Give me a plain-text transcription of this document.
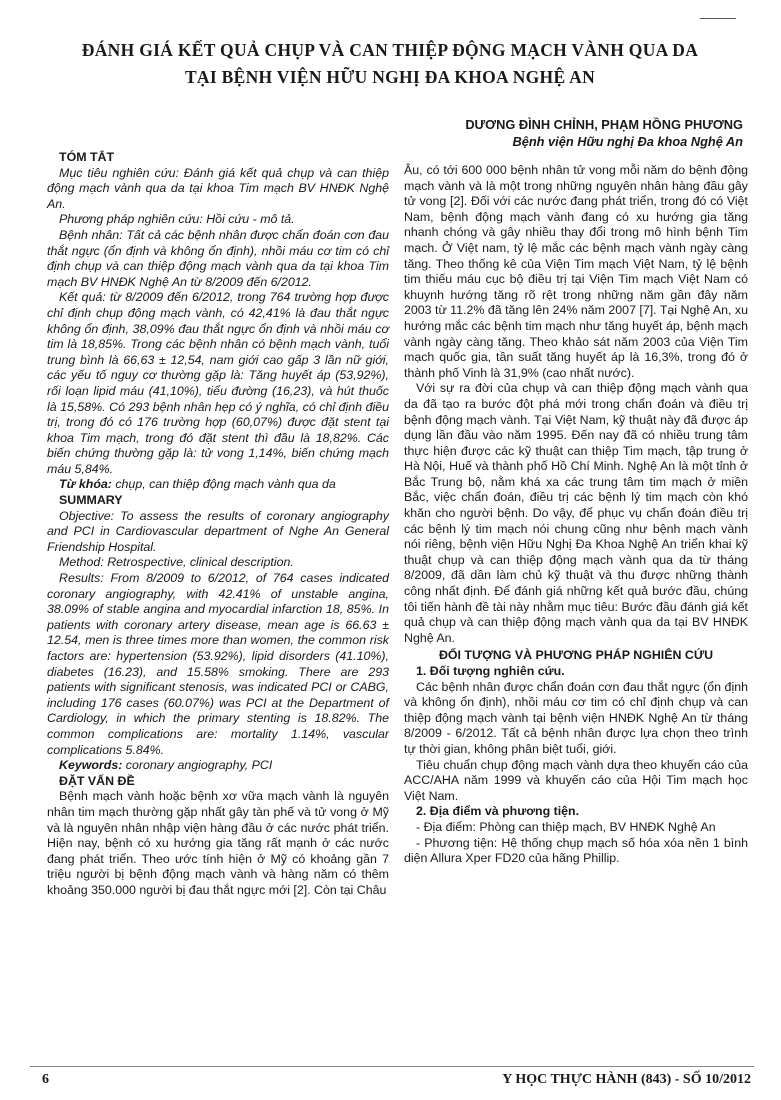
ĐÁNH GIÁ KẾT QUẢ CHỤP VÀ CAN THIỆP ĐỘNG MẠCH VÀNH QUA DA
TẠI BỆNH VIỆN HỮU NGHỊ ĐA KHOA NGHỆ AN
DƯƠNG ĐÌNH CHỈNH, PHẠM HỒNG PHƯƠNG
Bệnh viện Hữu nghị Đa khoa Nghệ An

TÓM TẮT

Mục tiêu nghiên cứu: Đánh giá kết quả chụp và can thiệp động mạch vành qua da tại khoa Tim mạch BV HNĐK Nghệ An.

Phương pháp nghiên cứu: Hồi cứu - mô tả.

Bệnh nhân: Tất cả các bệnh nhân được chẩn đoán cơn đau thắt ngực (ổn định và không ổn định), nhồi máu cơ tim có chỉ định chụp và can thiệp động mạch vành qua da tại khoa Tim mạch BV HNĐK Nghệ An từ 8/2009 đến 6/2012.

Kết quả: từ 8/2009 đến 6/2012, trong 764 trường hợp được chỉ định chụp động mạch vành, có 42,41% là đau thắt ngực không ổn định, 38,09% đau thắt ngực ổn định và nhồi máu cơ tim là 18,85%. Trong các bệnh nhân có bệnh mạch vành, tuổi trung bình là 66,63 ± 12,54, nam giới cao gấp 3 lần nữ giới, các yếu tố nguy cơ thường gặp là: Tăng huyết áp (53,92%), rối loạn lipid máu (41,10%), tiểu đường (16,23), và hút thuốc là 15,58%. Có 293 bệnh nhân hẹp có ý nghĩa, có chỉ định điều trị, trong đó có 176 trường hợp (60,07%) được đặt stent tại khoa Tim mạch, trong đó đặt stent thì đầu là 18,82%. Các biến chứng thường gặp là: tử vong 1,14%, biến chứng mạch máu 5,84%.

Từ khóa: chụp, can thiệp động mạch vành qua da

SUMMARY

Objective: To assess the results of coronary angiography and PCI in Cardiovascular department of Nghe An General Friendship Hospital.

Method: Retrospective, clinical description.

Results: From 8/2009 to 6/2012, of 764 cases indicated coronary angiography, with 42.41% of unstable angina, 38.09% of stable angina and myocardial infarction 18, 85%. In patients with coronary artery disease, mean age is 66.63 ± 12.54, men is three times more than women, the common risk factors are: hypertension (53.92%), lipid disorders (41.10%), diabetes (16.23), and 15.58% smoking. There are 293 patients with significant stenosis, was indicated PCI or CABG, including 176 cases (60.07%) was PCI at the Department of Cardiology, in which the primary stenting is 18.82%. The common complications are: mortality 1.14%, vascular complications 5.84%.

Keywords: coronary angiography, PCI

ĐẶT VẤN ĐỀ

Bệnh mạch vành hoặc bệnh xơ vữa mạch vành là nguyên nhân tim mạch thường gặp nhất gây tàn phế và tử vong ở Mỹ và là nguyên nhân nhập viện hàng đầu ở các nước phát triển. Hiện nay, bệnh có xu hướng gia tăng rất mạnh ở các nước đang phát triển. Theo ước tính hiện ở Mỹ có khoảng gần 7 triệu người bị bệnh động mạch vành và hàng năm có thêm khoảng 350.000 người bị đau thắt ngực mới [2]. Còn tại Châu

Âu, có tới 600 000 bệnh nhân tử vong mỗi năm do bệnh động mạch vành và là một trong những nguyên nhân hàng đầu gây tử vong [2]. Đối với các nước đang phát triển, trong đó có Việt Nam, bệnh động mạch vành đang có xu hướng gia tăng nhanh chóng và gây nhiều thay đổi trong mô hình bệnh Tim mạch. Ở Việt nam, tỷ lệ mắc các bệnh mạch vành ngày càng tăng. Theo thống kê của Viện Tim mạch Việt Nam, tỷ lệ bệnh tim thiếu máu cục bộ điều trị tại Viện Tim mạch Việt Nam có khuynh hướng tăng rõ rệt trong những năm gần đây năm 2003 từ 11.2% đã tăng lên 24% năm 2007 [7]. Tại Nghệ An, xu hướng mắc các bệnh tim mạch như tăng huyết áp, bệnh mạch vành ngày càng tăng. Theo khảo sát năm 2003 của Viện Tim mạch quốc gia, tần suất tăng huyết áp là 16,3%, trong đó ở thành phố Vinh là 31,9% (cao nhất nước).

Với sự ra đời của chụp và can thiệp động mạch vành qua da đã tạo ra bước đột phá mới trong chẩn đoán và điều trị bệnh động mạch vành. Tại Việt Nam, kỹ thuật này đã được áp dụng lần đầu vào năm 1995. Đến nay đã có nhiều trung tâm thực hiện được các kỹ thuật can thiệp Tim mạch, tập trung ở Hà Nội, Huế và thành phố Hồ Chí Minh. Nghệ An là một tỉnh ở Bắc Trung bộ, nằm khá xa các trung tâm tim mạch ở miền Bắc, việc chẩn đoán, điều trị các bệnh lý tim mạch còn khó khăn cho người bệnh. Do vậy, để phục vụ chẩn đoán điều trị các bệnh lý tim mạch nói chung cũng như bệnh mạch vành nói riêng, bệnh viện Hữu Nghị Đa Khoa Nghệ An triển khai kỹ thuật chụp và can thiệp động mạch vành qua da từ tháng 8/2009, đã dần làm chủ kỹ thuật và thu được những thành công nhất định. Để đánh giá những kết quả bước đầu, chúng tôi tiến hành đề tài này nhằm mục tiêu: Bước đầu đánh giá kết quả chụp và can thiệp động mạch vành qua da tại BV HNĐK Nghệ An.

ĐỐI TƯỢNG VÀ PHƯƠNG PHÁP NGHIÊN CỨU

1. Đối tượng nghiên cứu.

Các bệnh nhân được chẩn đoán cơn đau thắt ngực (ổn định và không ổn định), nhồi máu cơ tim có chỉ định chụp và can thiệp động mạch vành tại bệnh viện HNĐK Nghệ An từ tháng 8/2009 - 6/2012. Tất cả bệnh nhân được lựa chọn theo trình tự thời gian, không phân biệt tuổi, giới.

Tiêu chuẩn chụp động mạch vành dựa theo khuyến cáo của ACC/AHA năm 1999 và khuyến cáo của Hội Tim mạch học Việt Nam.

2. Địa điểm và phương tiện.

- Địa điểm: Phòng can thiệp mạch, BV HNĐK Nghệ An

- Phương tiện: Hệ thống chụp mạch số hóa xóa nền 1 bình diện Allura Xper FD20 của hãng Phillip.

6	Y HỌC THỰC HÀNH (843) - SỐ 10/2012
